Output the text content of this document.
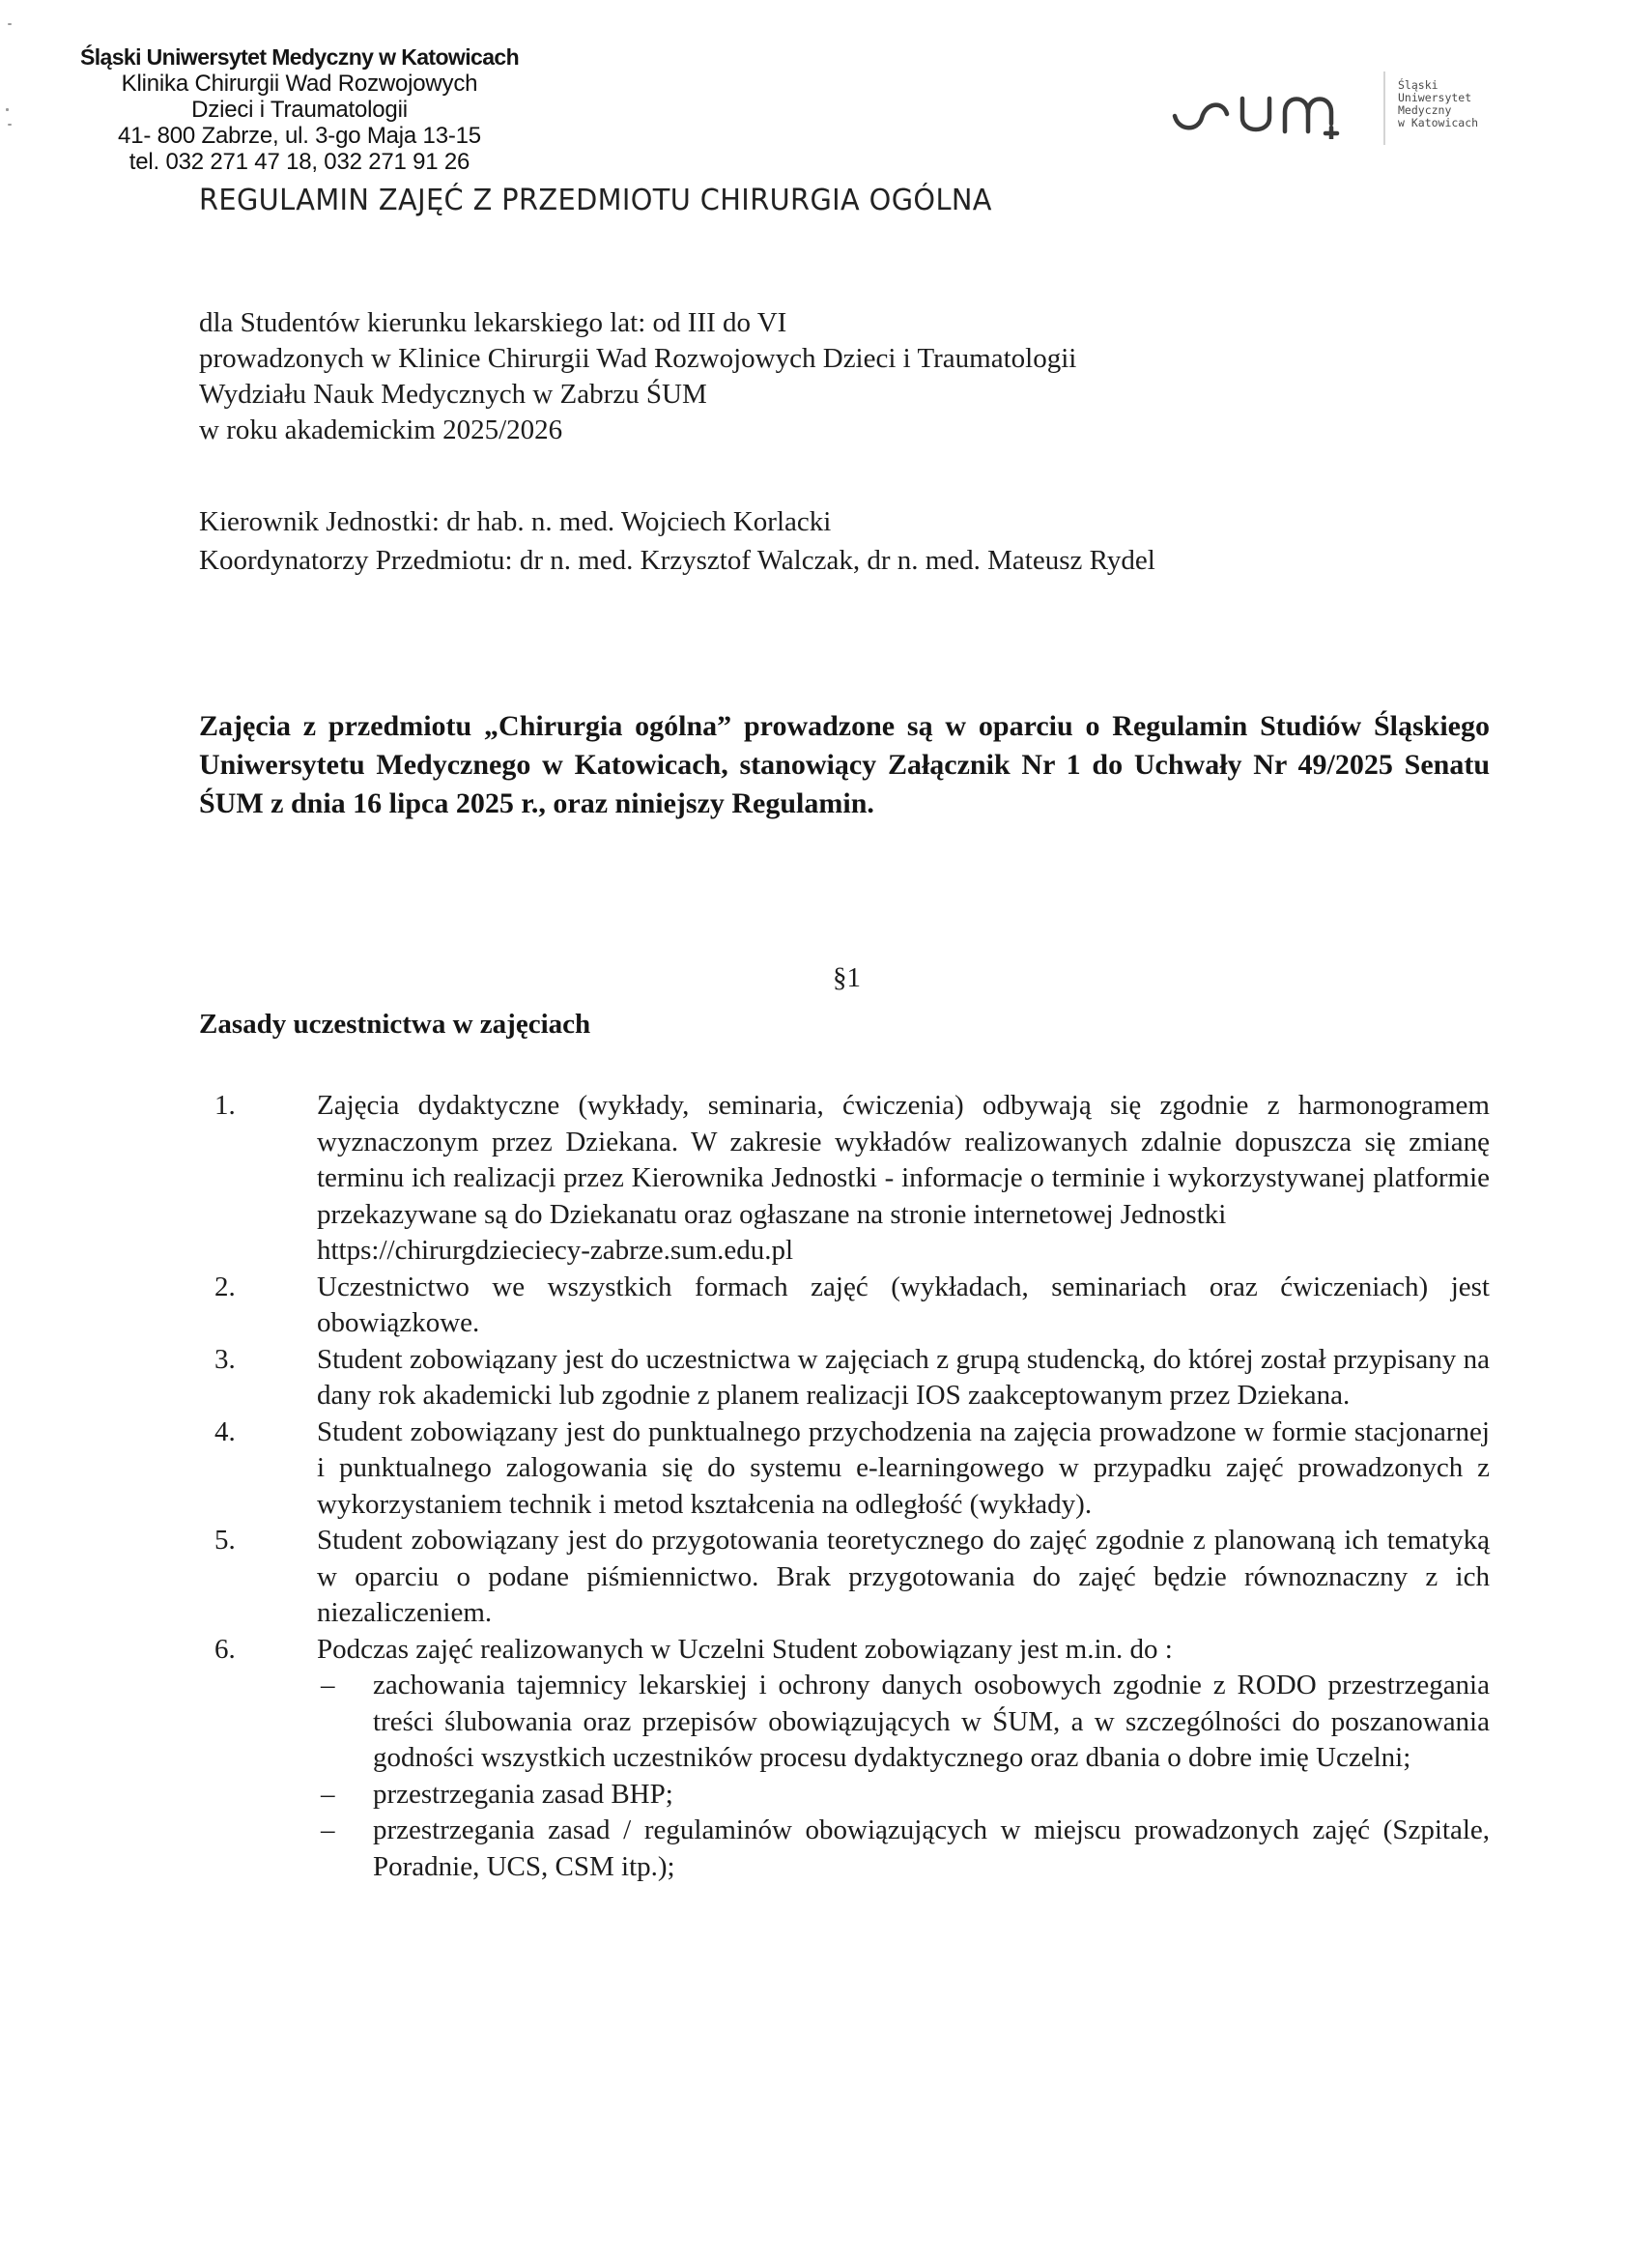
Śląski Uniwersytet Medyczny w Katowicach
Klinika Chirurgii Wad Rozwojowych
Dzieci i Traumatologii
41- 800 Zabrze, ul. 3-go Maja 13-15
tel. 032 271 47 18, 032 271 91 26
Śląski
Uniwersytet
Medyczny
w Katowicach
REGULAMIN ZAJĘĆ Z PRZEDMIOTU CHIRURGIA OGÓLNA
dla Studentów kierunku lekarskiego lat: od III do VI
prowadzonych w Klinice Chirurgii Wad Rozwojowych Dzieci i Traumatologii
Wydziału Nauk Medycznych w Zabrzu ŚUM
w roku akademickim 2025/2026
Kierownik Jednostki: dr hab. n. med. Wojciech Korlacki
Koordynatorzy Przedmiotu: dr n. med. Krzysztof Walczak, dr n. med. Mateusz Rydel
Zajęcia z przedmiotu „Chirurgia ogólna” prowadzone są w oparciu o Regulamin Studiów Śląskiego Uniwersytetu Medycznego w Katowicach, stanowiący Załącznik Nr 1 do Uchwały Nr 49/2025 Senatu ŚUM z dnia 16 lipca 2025 r., oraz niniejszy Regulamin.
§1
Zasady uczestnictwa w zajęciach
1.	Zajęcia dydaktyczne (wykłady, seminaria, ćwiczenia) odbywają się zgodnie z harmonogramem wyznaczonym przez Dziekana. W zakresie wykładów realizowanych zdalnie dopuszcza się zmianę terminu ich realizacji przez Kierownika Jednostki - informacje o terminie i wykorzystywanej platformie przekazywane są do Dziekanatu oraz ogłaszane na stronie internetowej Jednostki
https://chirurgdzieciecy-zabrze.sum.edu.pl
2.	Uczestnictwo we wszystkich formach zajęć (wykładach, seminariach oraz ćwiczeniach) jest obowiązkowe.
3.	Student zobowiązany jest do uczestnictwa w zajęciach z grupą studencką, do której został przypisany na dany rok akademicki lub zgodnie z planem realizacji IOS zaakceptowanym przez Dziekana.
4.	Student zobowiązany jest do punktualnego przychodzenia na zajęcia prowadzone w formie stacjonarnej i punktualnego zalogowania się do systemu e-learningowego w przypadku zajęć prowadzonych z wykorzystaniem technik i metod kształcenia na odległość (wykłady).
5.	Student zobowiązany jest do przygotowania teoretycznego do zajęć zgodnie z planowaną ich tematyką w oparciu o podane piśmiennictwo. Brak przygotowania do zajęć będzie równoznaczny z ich niezaliczeniem.
6.	Podczas zajęć realizowanych w Uczelni Student zobowiązany jest m.in. do :
– zachowania tajemnicy lekarskiej i ochrony danych osobowych zgodnie z RODO przestrzegania treści ślubowania oraz przepisów obowiązujących w ŚUM, a w szczególności do poszanowania godności wszystkich uczestników procesu dydaktycznego oraz dbania o dobre imię Uczelni;
– przestrzegania zasad BHP;
– przestrzegania zasad / regulaminów obowiązujących w miejscu prowadzonych zajęć (Szpitale, Poradnie, UCS, CSM itp.);
